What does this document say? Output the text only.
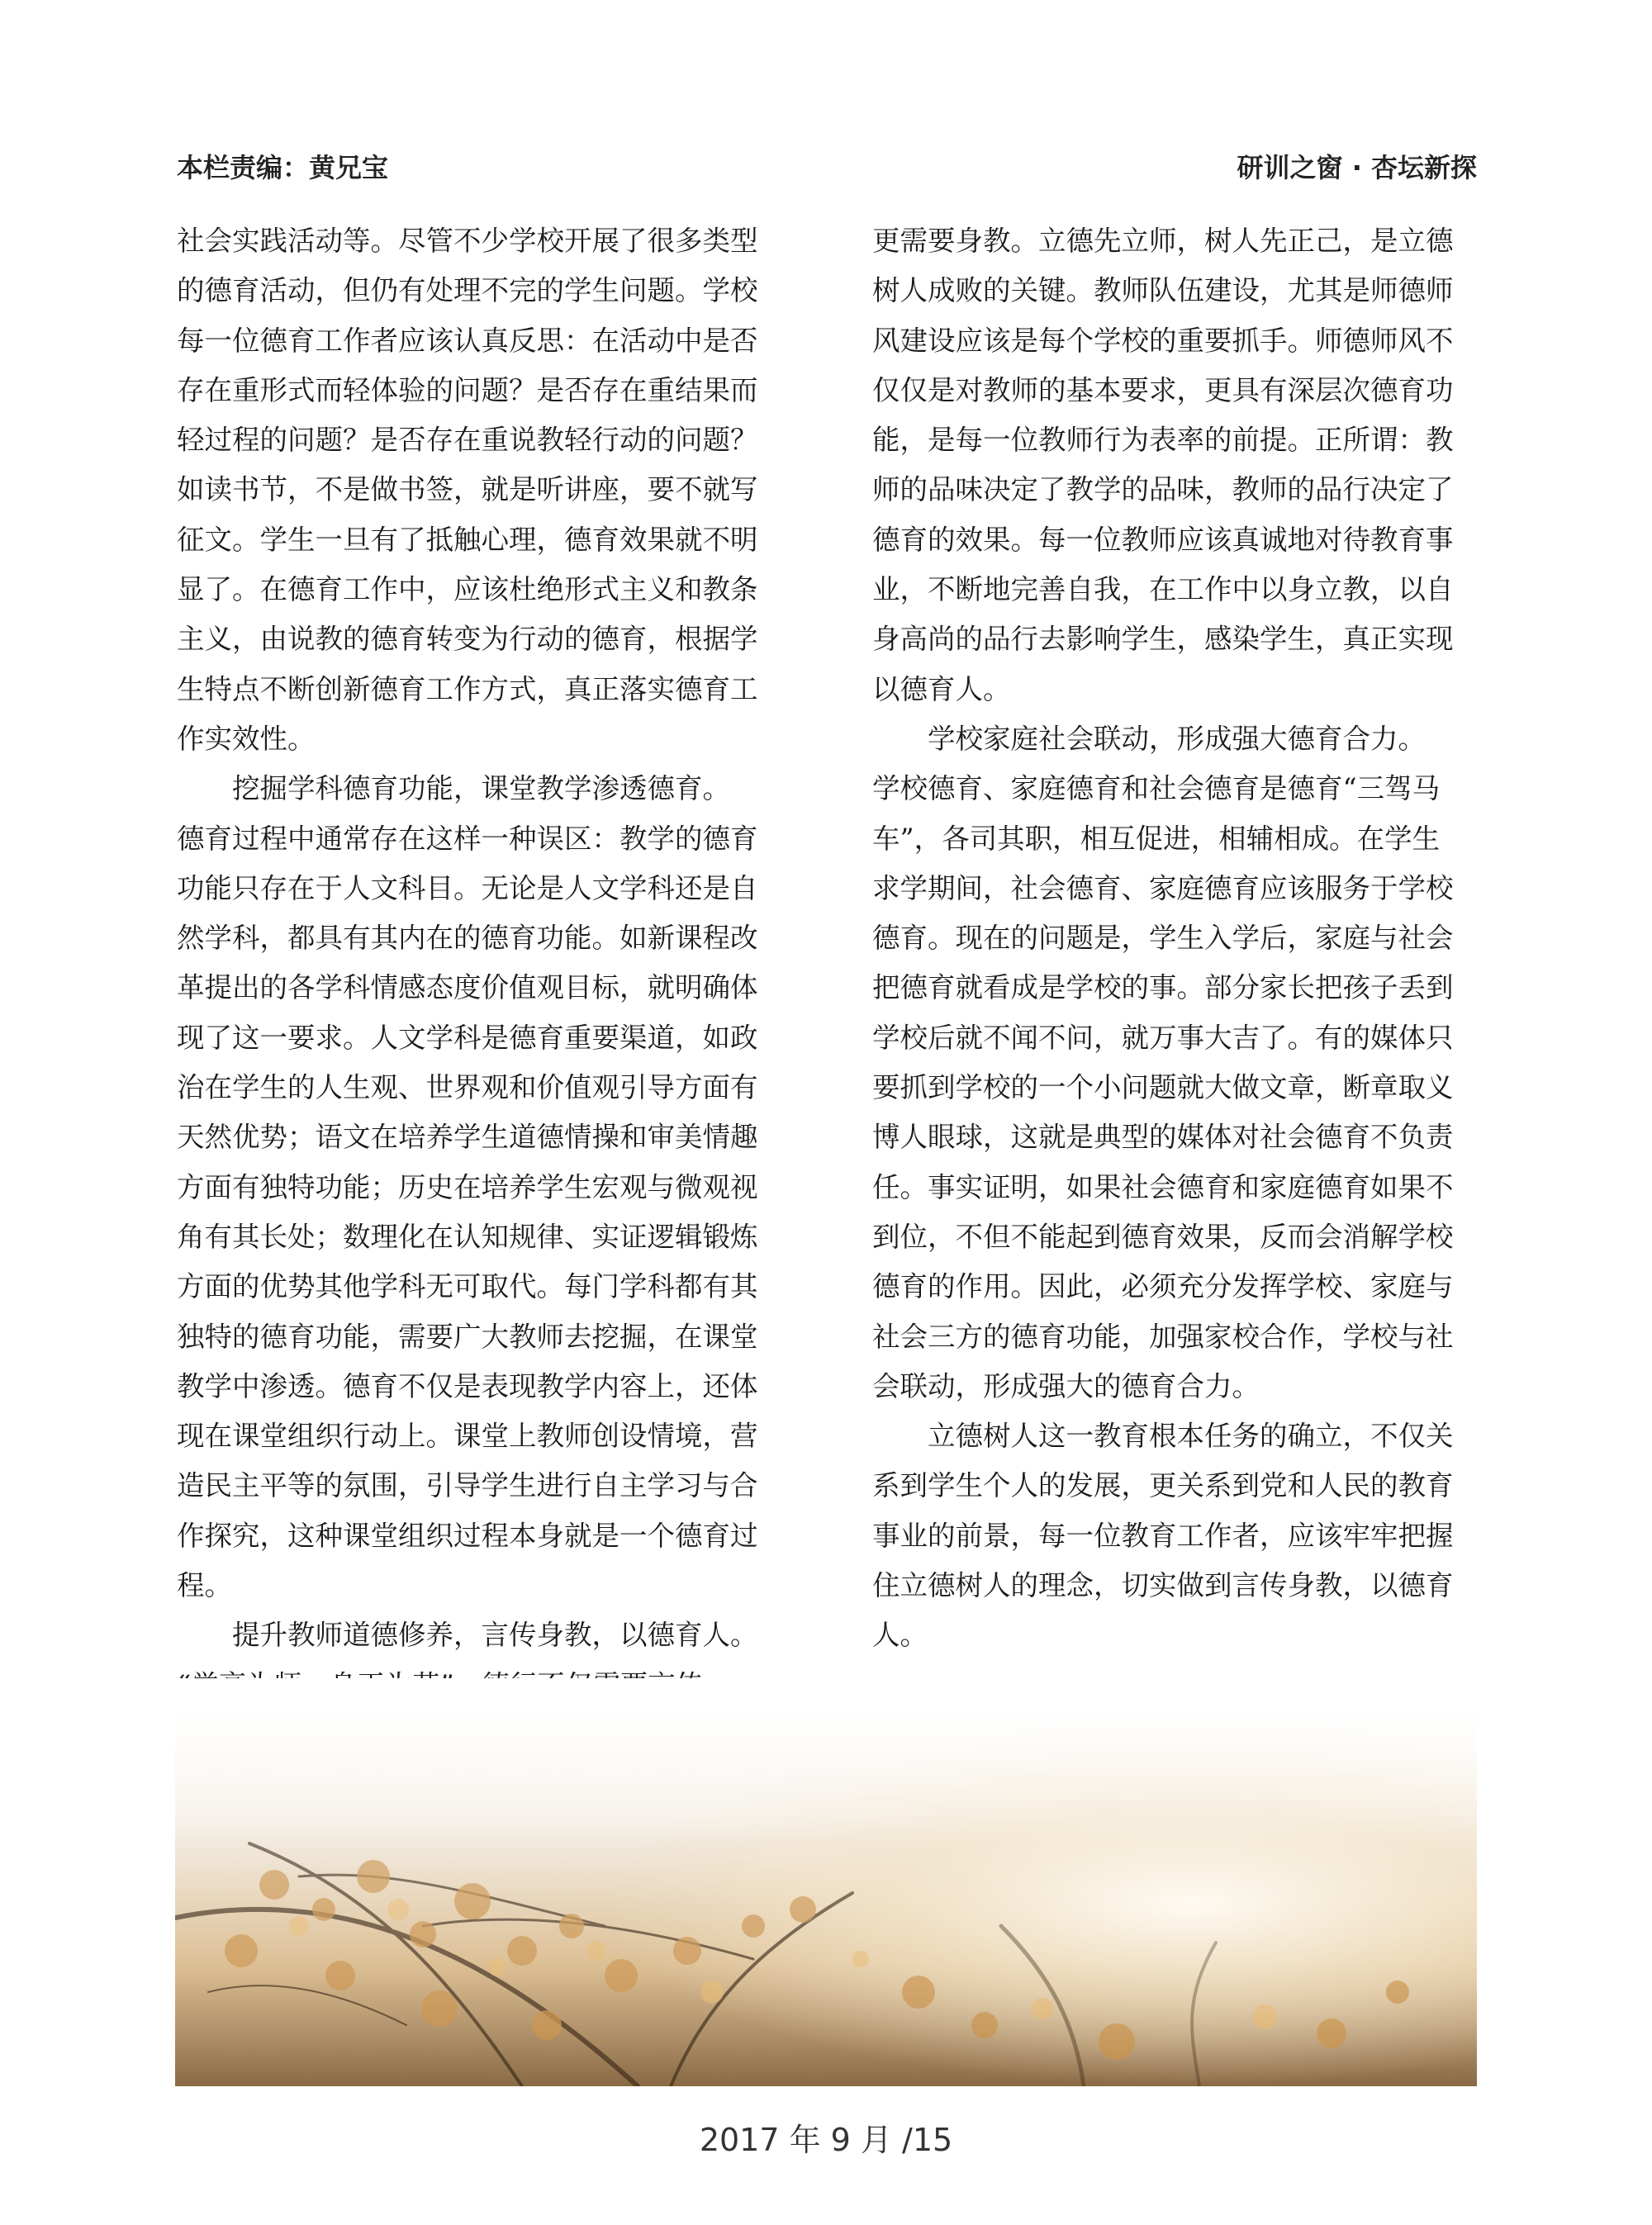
本栏责编：黄兄宝	研训之窗 · 杏坛新探
社会实践活动等。尽管不少学校开展了很多类型
的德育活动，但仍有处理不完的学生问题。学校
每一位德育工作者应该认真反思：在活动中是否
存在重形式而轻体验的问题？是否存在重结果而
轻过程的问题？是否存在重说教轻行动的问题？
如读书节，不是做书签，就是听讲座，要不就写
征文。学生一旦有了抵触心理，德育效果就不明
显了。在德育工作中，应该杜绝形式主义和教条
主义，由说教的德育转变为行动的德育，根据学
生特点不断创新德育工作方式，真正落实德育工
作实效性。
　　挖掘学科德育功能，课堂教学渗透德育。
德育过程中通常存在这样一种误区：教学的德育
功能只存在于人文科目。无论是人文学科还是自
然学科，都具有其内在的德育功能。如新课程改
革提出的各学科情感态度价值观目标，就明确体
现了这一要求。人文学科是德育重要渠道，如政
治在学生的人生观、世界观和价值观引导方面有
天然优势；语文在培养学生道德情操和审美情趣
方面有独特功能；历史在培养学生宏观与微观视
角有其长处；数理化在认知规律、实证逻辑锻炼
方面的优势其他学科无可取代。每门学科都有其
独特的德育功能，需要广大教师去挖掘，在课堂
教学中渗透。德育不仅是表现教学内容上，还体
现在课堂组织行动上。课堂上教师创设情境，营
造民主平等的氛围，引导学生进行自主学习与合
作探究，这种课堂组织过程本身就是一个德育过
程。
　　提升教师道德修养，言传身教，以德育人。
更需要身教。立德先立师，树人先正己，是立德
树人成败的关键。教师队伍建设，尤其是师德师
风建设应该是每个学校的重要抓手。师德师风不
仅仅是对教师的基本要求，更具有深层次德育功
能，是每一位教师行为表率的前提。正所谓：教
师的品味决定了教学的品味，教师的品行决定了
德育的效果。每一位教师应该真诚地对待教育事
业，不断地完善自我，在工作中以身立教，以自
身高尚的品行去影响学生，感染学生，真正实现
以德育人。
　　学校家庭社会联动，形成强大德育合力。
学校德育、家庭德育和社会德育是德育“三驾马
车”，各司其职，相互促进，相辅相成。在学生
求学期间，社会德育、家庭德育应该服务于学校
德育。现在的问题是，学生入学后，家庭与社会
把德育就看成是学校的事。部分家长把孩子丢到
学校后就不闻不问，就万事大吉了。有的媒体只
要抓到学校的一个小问题就大做文章，断章取义
博人眼球，这就是典型的媒体对社会德育不负责
任。事实证明，如果社会德育和家庭德育如果不
到位，不但不能起到德育效果，反而会消解学校
德育的作用。因此，必须充分发挥学校、家庭与
社会三方的德育功能，加强家校合作，学校与社
会联动，形成强大的德育合力。
　　立德树人这一教育根本任务的确立，不仅关
系到学生个人的发展，更关系到党和人民的教育
事业的前景，每一位教育工作者，应该牢牢把握
住立德树人的理念，切实做到言传身教，以德育
人。
2017 年 9 月 /15
